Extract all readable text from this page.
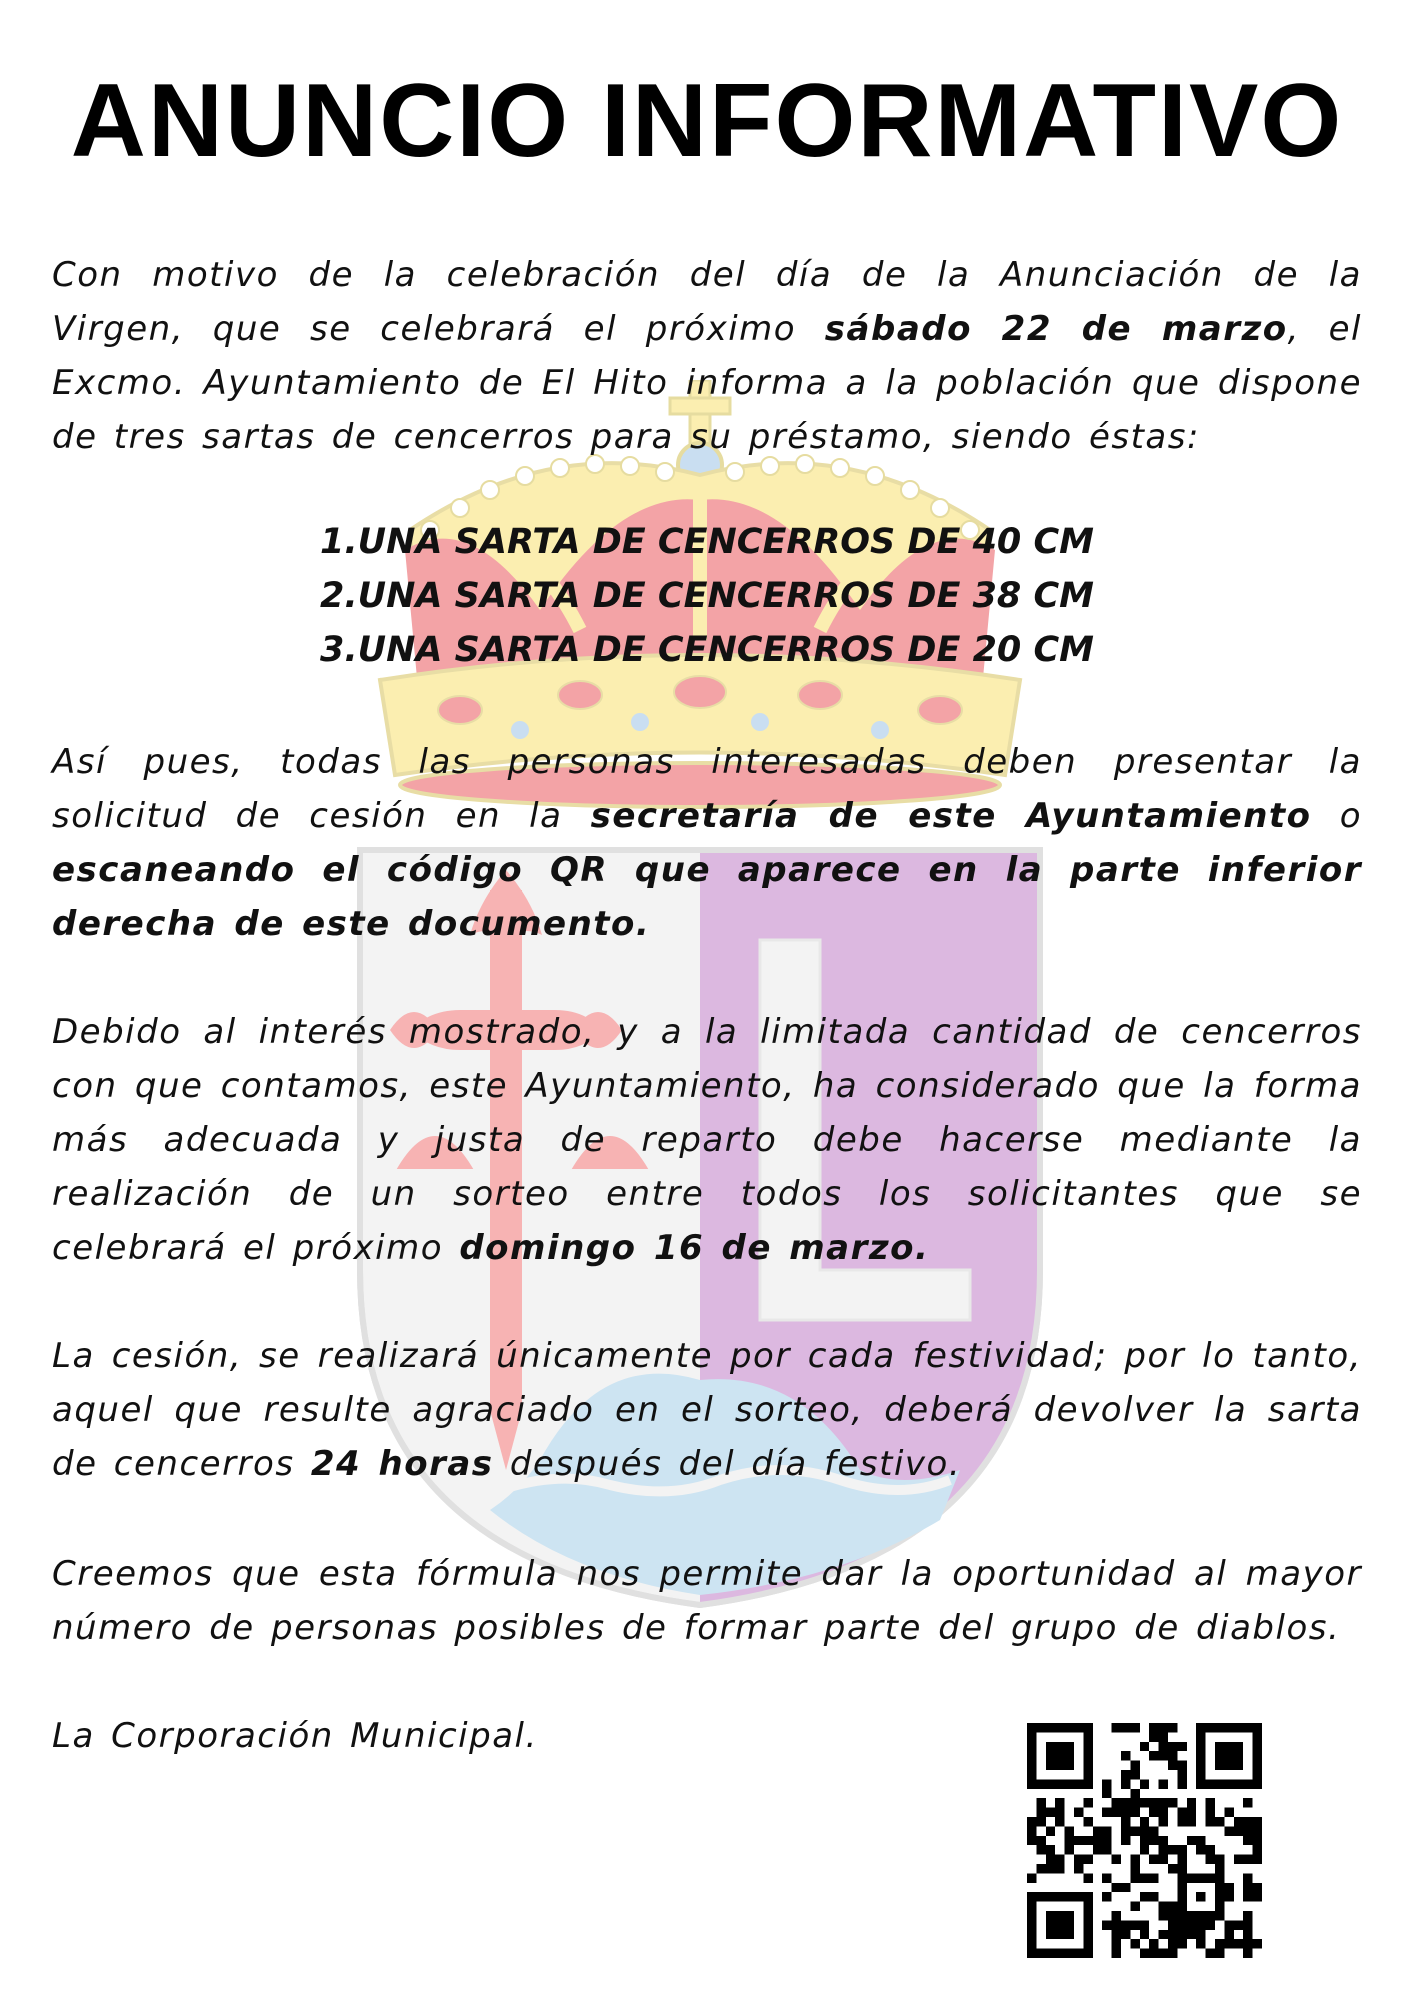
ANUNCIO INFORMATIVO

Con motivo de la celebración del día de la Anunciación de la Virgen, que se celebrará el próximo sábado 22 de marzo, el Excmo. Ayuntamiento de El Hito informa a la población que dispone de tres sartas de cencerros para su préstamo, siendo éstas:

1.UNA SARTA DE CENCERROS DE 40 CM
2.UNA SARTA DE CENCERROS DE 38 CM
3.UNA SARTA DE CENCERROS DE 20 CM

Así pues, todas las personas interesadas deben presentar la solicitud de cesión en la secretaría de este Ayuntamiento o escaneando el código QR que aparece en la parte inferior derecha de este documento.

Debido al interés mostrado, y a la limitada cantidad de cencerros con que contamos, este Ayuntamiento, ha considerado que la forma más adecuada y justa de reparto debe hacerse mediante la realización de un sorteo entre todos los solicitantes que se celebrará el próximo domingo 16 de marzo.

La cesión, se realizará únicamente por cada festividad; por lo tanto, aquel que resulte agraciado en el sorteo, deberá devolver la sarta de cencerros 24 horas después del día festivo.

Creemos que esta fórmula nos permite dar la oportunidad al mayor número de personas posibles de formar parte del grupo de diablos.

La Corporación Municipal.
